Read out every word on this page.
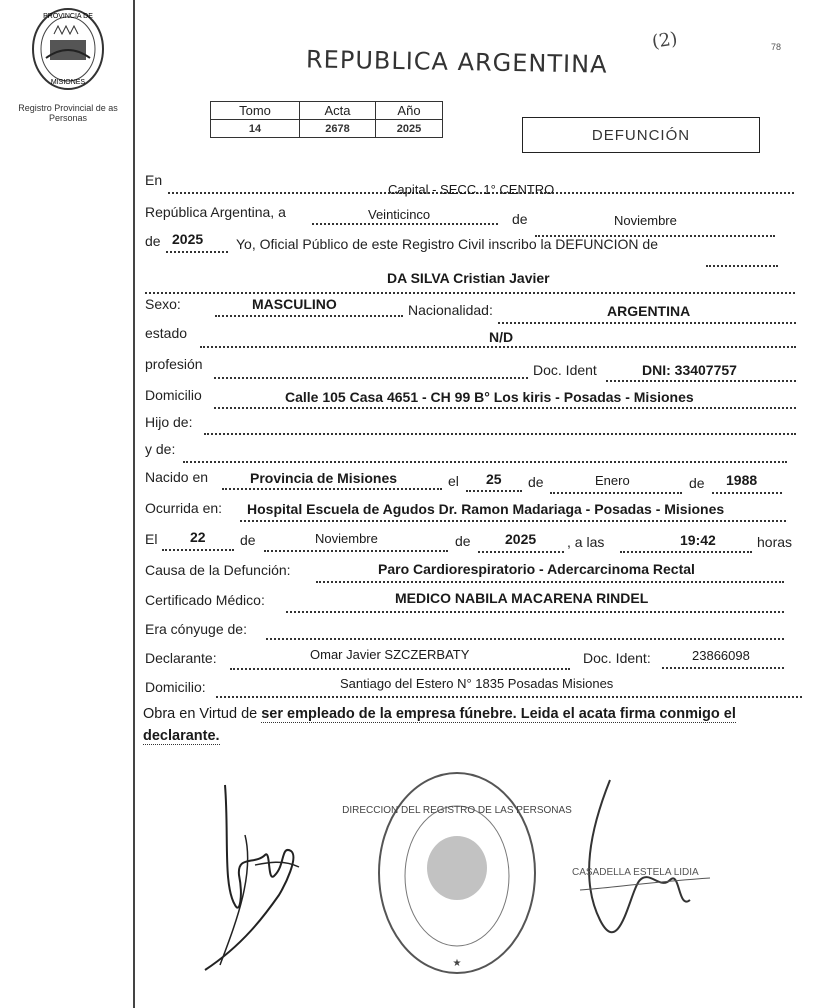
PROVINCIA DE
MISIONES
Registro Provincial de as Personas
REPUBLICA ARGENTINA
(2)	78
Tomo	Acta	Año
14	2678	2025	DEFUNCIÓN
En
Capital - SECC. 1° CENTRO
República Argentina, a	Veinticinco	de	Noviembre
de 2025 Yo, Oficial Público de este Registro Civil inscribo la DEFUNCION de
DA SILVA Cristian Javier
Sexo:	MASCULINO	Nacionalidad:	ARGENTINA
estado	N/D
profesión	Doc. Ident	DNI: 33407757
Domicilio	Calle 105 Casa 4651 - CH 99 B° Los kiris - Posadas - Misiones
Hijo de:
y de:
Nacido en	Provincia de Misiones	el 25 de	Enero	de 1988
Ocurrida en: Hospital Escuela de Agudos Dr. Ramon Madariaga - Posadas - Misiones
El 22 de	Noviembre	de 2025 , a las	19:42	horas
Causa de la Defunción:	Paro Cardiorespiratorio - Adercarcinoma Rectal
Certificado Médico:	MEDICO NABILA MACARENA RINDEL
Era cónyuge de:
Declarante:	Omar Javier SZCZERBATY	Doc. Ident:	23866098
Domicilio:	Santiago del Estero N° 1835 Posadas Misiones
Obra en Virtud de ser empleado de la empresa fúnebre. Leida el acata firma conmigo el
declarante.
★
DIRECCION DEL REGISTRO DE LAS PERSONAS
CASADELLA ESTELA LIDIA
